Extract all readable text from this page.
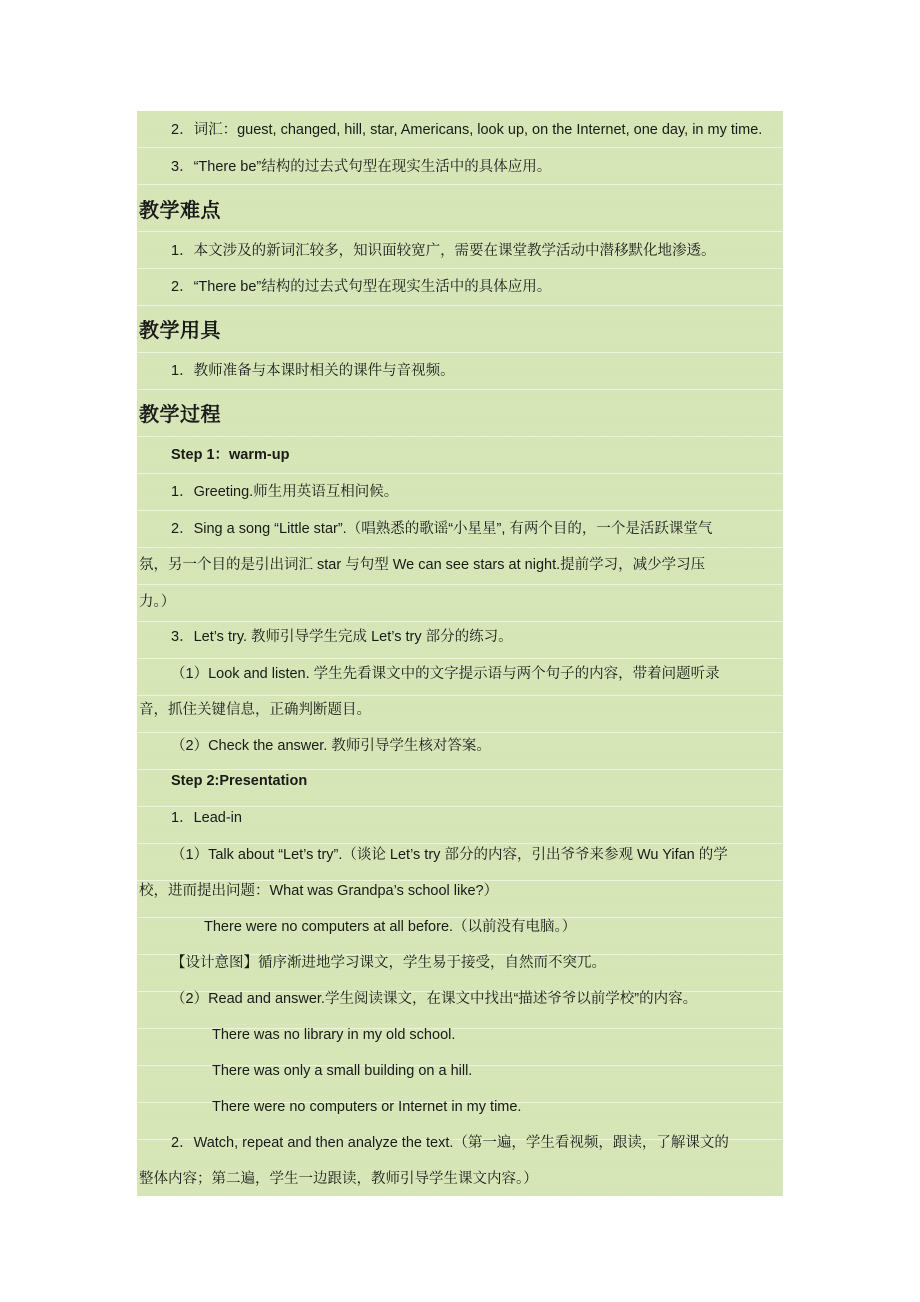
2．词汇：guest, changed, hill, star, Americans, look up, on the Internet, one day, in my time.
3．“There be”结构的过去式句型在现实生活中的具体应用。
教学难点
1．本文涉及的新词汇较多，知识面较宽广，需要在课堂教学活动中潜移默化地渗透。
2．“There be”结构的过去式句型在现实生活中的具体应用。
教学用具
1．教师准备与本课时相关的课件与音视频。
教学过程
Step 1：warm-up
1．Greeting.师生用英语互相问候。
2．Sing a song “Little star”.（唱熟悉的歌谣“小星星”, 有两个目的，一个是活跃课堂气
氛，另一个目的是引出词汇 star 与句型 We can see stars at night.提前学习，减少学习压
力。）
3．Let’s try. 教师引导学生完成 Let’s try 部分的练习。
（1）Look and listen. 学生先看课文中的文字提示语与两个句子的内容，带着问题听录
音，抓住关键信息，正确判断题目。
（2）Check the answer. 教师引导学生核对答案。
Step 2:Presentation
1．Lead-in
（1）Talk about “Let’s try”.（谈论 Let’s try 部分的内容，引出爷爷来参观 Wu Yifan 的学
校，进而提出问题：What was Grandpa’s school like?）
There were no computers at all before.（以前没有电脑。）
【设计意图】循序渐进地学习课文，学生易于接受，自然而不突兀。
（2）Read and answer.学生阅读课文，在课文中找出“描述爷爷以前学校”的内容。
There was no library in my old school.
There was only a small building on a hill.
There were no computers or Internet in my time.
2．Watch, repeat and then analyze the text.（第一遍，学生看视频，跟读，了解课文的
整体内容；第二遍，学生一边跟读，教师引导学生课文内容。）
